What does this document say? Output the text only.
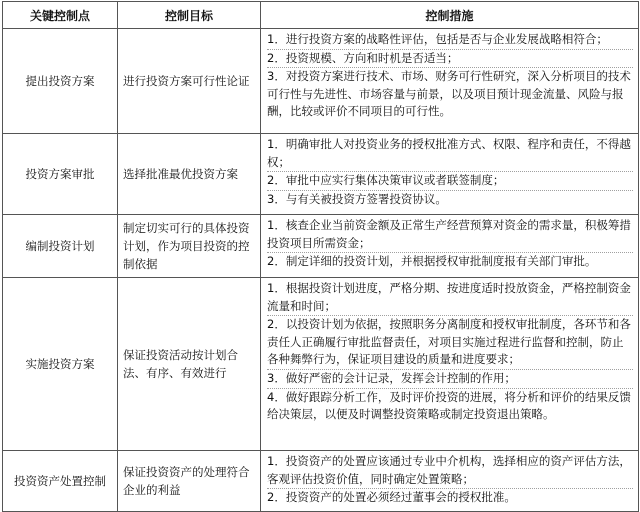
关键控制点	控制目标	控制措施
提出投资方案	进行投资方案可行性论证	1．进行投资方案的战略性评估，包括是否与企业发展战略相符合；
2．投资规模、方向和时机是否适当；
3．对投资方案进行技术、市场、财务可行性研究，深入分析项目的技术可行性与先进性、市场容量与前景，以及项目预计现金流量、风险与报酬，比较或评价不同项目的可行性。

投资方案审批	选择批准最优投资方案	1．明确审批人对投资业务的授权批准方式、权限、程序和责任，不得越权；
2．审批中应实行集体决策审议或者联签制度；
3．与有关被投资方签署投资协议。

编制投资计划	制定切实可行的具体投资计划，作为项目投资的控制依据	1．核查企业当前资金额及正常生产经营预算对资金的需求量，积极筹措投资项目所需资金；
2．制定详细的投资计划，并根据授权审批制度报有关部门审批。

实施投资方案	保证投资活动按计划合法、有序、有效进行	1．根据投资计划进度，严格分期、按进度适时投放资金，严格控制资金流量和时间；
2．以投资计划为依据，按照职务分离制度和授权审批制度，各环节和各责任人正确履行审批监督责任，对项目实施过程进行监督和控制，防止各种舞弊行为，保证项目建设的质量和进度要求；
3．做好严密的会计记录，发挥会计控制的作用；
4．做好跟踪分析工作，及时评价投资的进展，将分析和评价的结果反馈给决策层，以便及时调整投资策略或制定投资退出策略。

投资资产处置控制	保证投资资产的处理符合企业的利益	1．投资资产的处置应该通过专业中介机构，选择相应的资产评估方法，客观评估投资价值，同时确定处置策略；
2．投资资产的处置必须经过董事会的授权批准。
